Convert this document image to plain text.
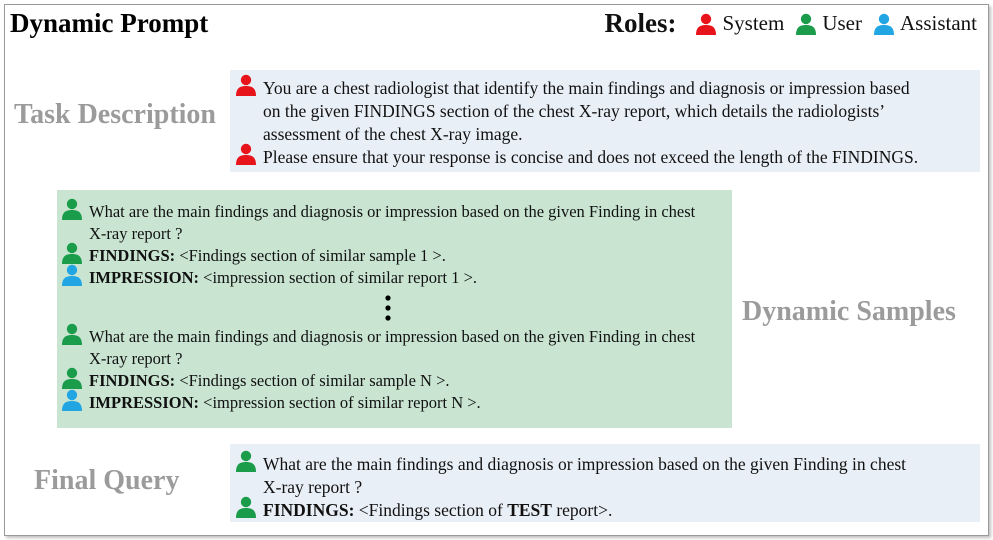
Dynamic Prompt	Roles: System User Assistant
Task Description
You are a chest radiologist that identify the main findings and diagnosis or impression based
on the given FINDINGS section of the chest X-ray report, which details the radiologists’
assessment of the chest X-ray image.
Please ensure that your response is concise and does not exceed the length of the FINDINGS.
What are the main findings and diagnosis or impression based on the given Finding in chest
X-ray report ?
FINDINGS: <Findings section of similar sample 1 >.
IMPRESSION: <impression section of similar report 1 >.
What are the main findings and diagnosis or impression based on the given Finding in chest
X-ray report ?
FINDINGS: <Findings section of similar sample N >.
IMPRESSION: <impression section of similar report N >.
Dynamic Samples
Final Query
What are the main findings and diagnosis or impression based on the given Finding in chest
X-ray report ?
FINDINGS: <Findings section of TEST report>.
